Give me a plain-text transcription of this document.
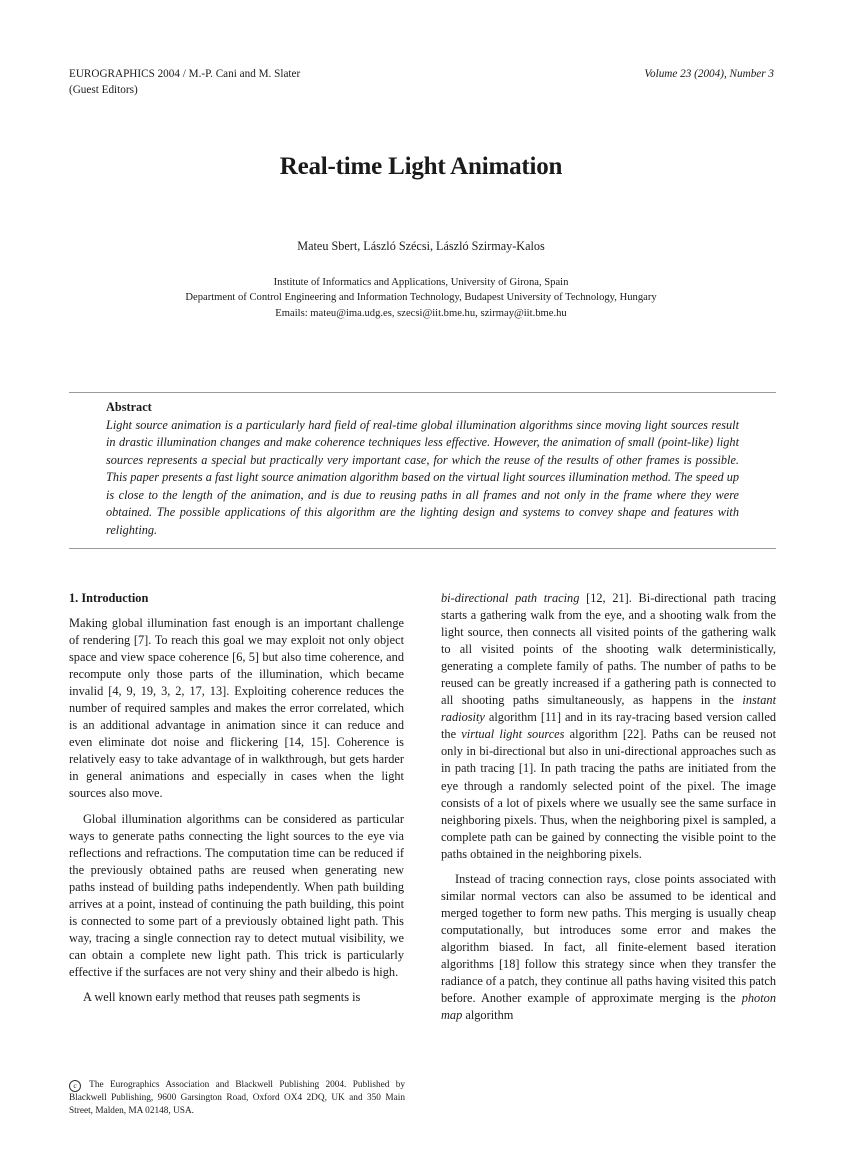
EUROGRAPHICS 2004 / M.-P. Cani and M. Slater
(Guest Editors)
Volume 23 (2004), Number 3
Real-time Light Animation
Mateu Sbert, László Szécsi, László Szirmay-Kalos
Institute of Informatics and Applications, University of Girona, Spain
Department of Control Engineering and Information Technology, Budapest University of Technology, Hungary
Emails: mateu@ima.udg.es, szecsi@iit.bme.hu, szirmay@iit.bme.hu
Abstract

Light source animation is a particularly hard field of real-time global illumination algorithms since moving light sources result in drastic illumination changes and make coherence techniques less effective. However, the animation of small (point-like) light sources represents a special but practically very important case, for which the reuse of the results of other frames is possible. This paper presents a fast light source animation algorithm based on the virtual light sources illumination method. The speed up is close to the length of the animation, and is due to reusing paths in all frames and not only in the frame where they were obtained. The possible applications of this algorithm are the lighting design and systems to convey shape and features with relighting.

1. Introduction

Making global illumination fast enough is an important challenge of rendering [7]. To reach this goal we may exploit not only object space and view space coherence [6, 5] but also time coherence, and recompute only those parts of the illumination, which became invalid [4, 9, 19, 3, 2, 17, 13]. Exploiting coherence reduces the number of required samples and makes the error correlated, which is an additional advantage in animation since it can reduce and even eliminate dot noise and flickering [14, 15]. Coherence is relatively easy to take advantage of in walkthrough, but gets harder in general animations and especially in cases when the light sources also move.

Global illumination algorithms can be considered as particular ways to generate paths connecting the light sources to the eye via reflections and refractions. The computation time can be reduced if the previously obtained paths are reused when generating new paths instead of building paths independently. When path building arrives at a point, instead of continuing the path building, this point is connected to some part of a previously obtained light path. This way, tracing a single connection ray to detect mutual visibility, we can obtain a complete new light path. This trick is particularly effective if the surfaces are not very shiny and their albedo is high.

A well known early method that reuses path segments is

bi-directional path tracing [12, 21]. Bi-directional path tracing starts a gathering walk from the eye, and a shooting walk from the light source, then connects all visited points of the gathering walk to all visited points of the shooting walk deterministically, generating a complete family of paths. The number of paths to be reused can be greatly increased if a gathering path is connected to all shooting paths simultaneously, as happens in the instant radiosity algorithm [11] and in its ray-tracing based version called the virtual light sources algorithm [22]. Paths can be reused not only in bi-directional but also in uni-directional approaches such as in path tracing [1]. In path tracing the paths are initiated from the eye through a randomly selected point of the pixel. The image consists of a lot of pixels where we usually see the same surface in neighboring pixels. Thus, when the neighboring pixel is sampled, a complete path can be gained by connecting the visible point to the paths obtained in the neighboring pixels.

Instead of tracing connection rays, close points associated with similar normal vectors can also be assumed to be identical and merged together to form new paths. This merging is usually cheap computationally, but introduces some error and makes the algorithm biased. In fact, all finite-element based iteration algorithms [18] follow this strategy since when they transfer the radiance of a patch, they continue all paths having visited this patch before. Another example of approximate merging is the photon map algorithm

c The Eurographics Association and Blackwell Publishing 2004. Published by Blackwell Publishing, 9600 Garsington Road, Oxford OX4 2DQ, UK and 350 Main Street, Malden, MA 02148, USA.
